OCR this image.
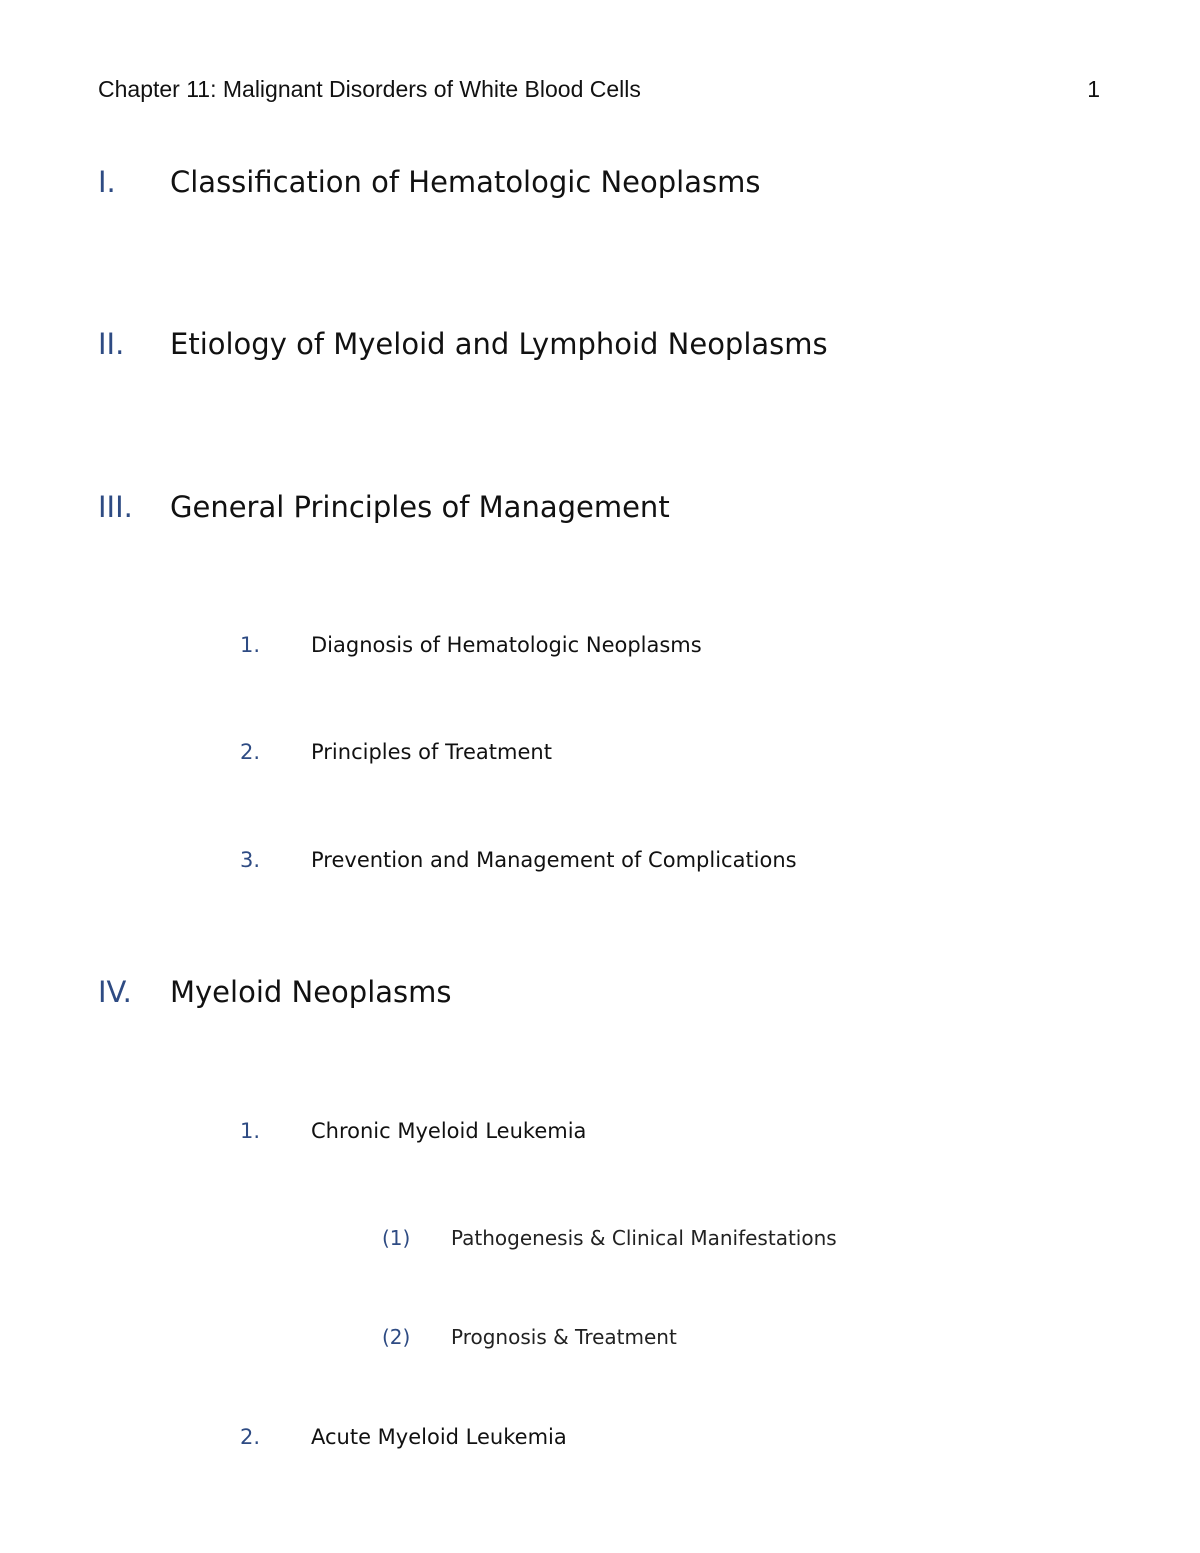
Chapter 11: Malignant Disorders of White Blood Cells	1
I. Classification of Hematologic Neoplasms
II. Etiology of Myeloid and Lymphoid Neoplasms
III. General Principles of Management
1. Diagnosis of Hematologic Neoplasms
2. Principles of Treatment
3. Prevention and Management of Complications
IV. Myeloid Neoplasms
1. Chronic Myeloid Leukemia
(1) Pathogenesis & Clinical Manifestations
(2) Prognosis & Treatment
2. Acute Myeloid Leukemia
